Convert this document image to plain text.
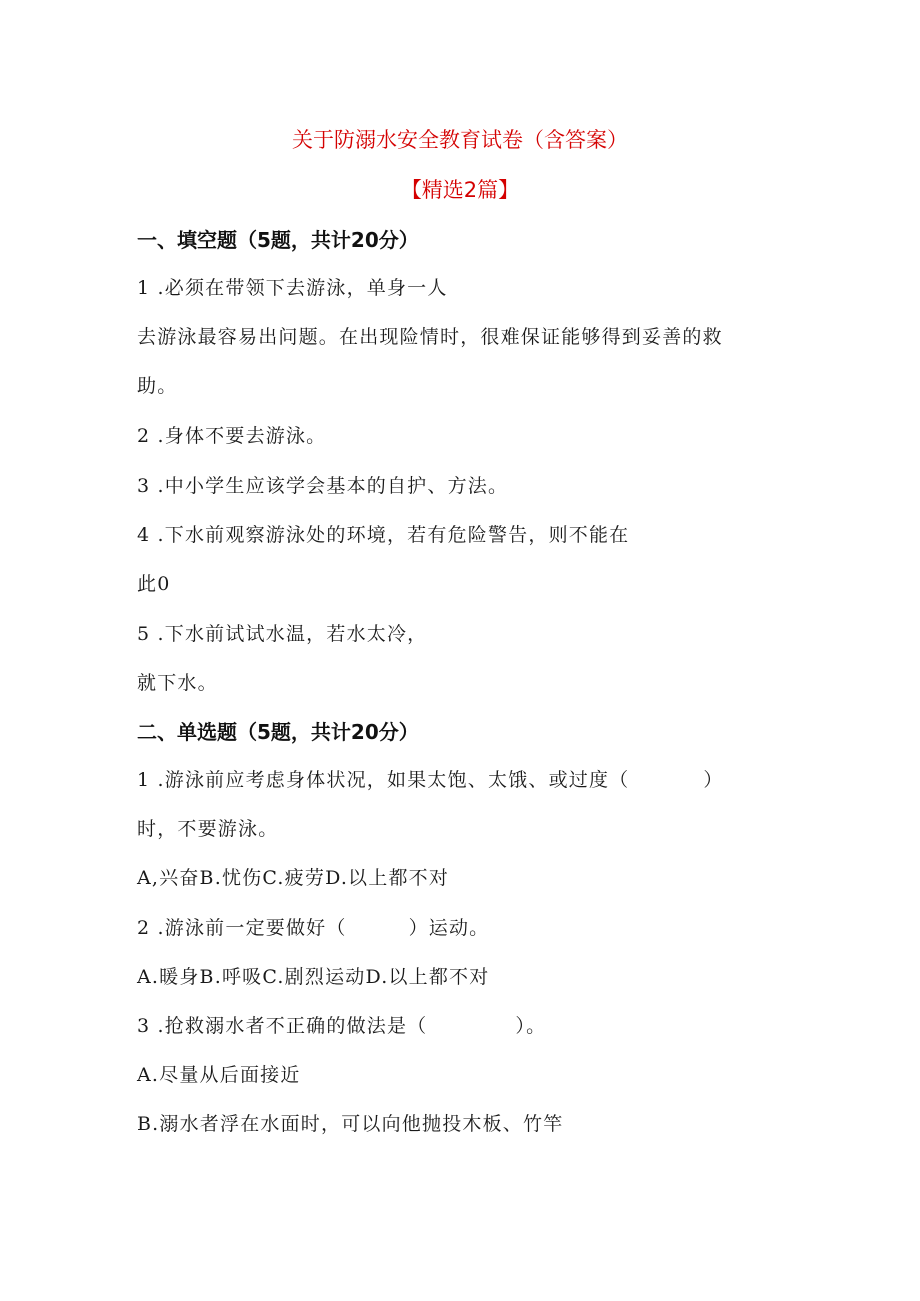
关于防溺水安全教育试卷（含答案）
【精选2篇】
一、填空题（5题，共计20分）
1 .必须在带领下去游泳，单身一人
去游泳最容易出问题。在出现险情时，很难保证能够得到妥善的救
助。
2 .身体不要去游泳。
3 .中小学生应该学会基本的自护、方法。
4 .下水前观察游泳处的环境，若有危险警告，则不能在
此0
5 .下水前试试水温，若水太冷，
就下水。
二、单选题（5题，共计20分）
1 .游泳前应考虑身体状况，如果太饱、太饿、或过度（	）
时，不要游泳。
A,兴奋B.忧伤C.疲劳D.以上都不对
2 .游泳前一定要做好（	）运动。
A.暖身B.呼吸C.剧烈运动D.以上都不对
3 .抢救溺水者不正确的做法是（	）。
A.尽量从后面接近
B.溺水者浮在水面时，可以向他抛投木板、竹竿
